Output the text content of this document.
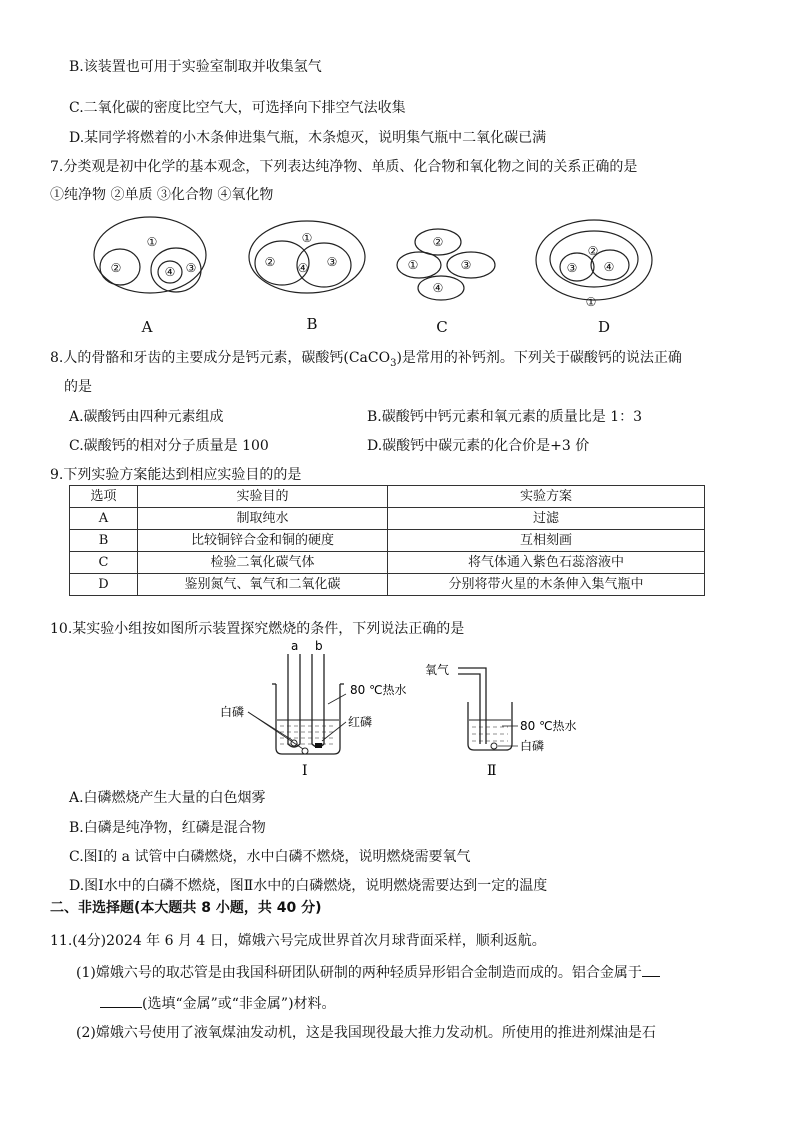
B.该装置也可用于实验室制取并收集氢气
C.二氧化碳的密度比空气大，可选择向下排空气法收集
D.某同学将燃着的小木条伸进集气瓶，木条熄灭，说明集气瓶中二氧化碳已满
7.分类观是初中化学的基本观念，下列表达纯净物、单质、化合物和氧化物之间的关系正确的是
①纯净物 ②单质 ③化合物 ④氧化物
①
②	④ ③
①
② ④ ③
②
①	③
④
②
③ ④
①
A	B	C	D
8.人的骨骼和牙齿的主要成分是钙元素，碳酸钙(CaCO$_3$)是常用的补钙剂。下列关于碳酸钙的说法正确
的是
A.碳酸钙由四种元素组成	B.碳酸钙中钙元素和氧元素的质量比是 1：3
C.碳酸钙的相对分子质量是 100	D.碳酸钙中碳元素的化合价是+3 价
9.下列实验方案能达到相应实验目的的是
选项	实验目的	实验方案
A	制取纯水	过滤
B	比较铜锌合金和铜的硬度	互相刻画
C	检验二氧化碳气体	将气体通入紫色石蕊溶液中
D	鉴别氮气、氧气和二氧化碳	分别将带火星的木条伸入集气瓶中
10.某实验小组按如图所示装置探究燃烧的条件，下列说法正确的是
a b
80 ℃热水
白磷
红磷
Ⅰ
氧气
80 ℃热水
白磷
Ⅱ
A.白磷燃烧产生大量的白色烟雾
B.白磷是纯净物，红磷是混合物
C.图Ⅰ的 a 试管中白磷燃烧，水中白磷不燃烧，说明燃烧需要氧气
D.图Ⅰ水中的白磷不燃烧，图Ⅱ水中的白磷燃烧，说明燃烧需要达到一定的温度
二、非选择题(本大题共 8 小题，共 40 分)
11.(4分)2024 年 6 月 4 日，嫦娥六号完成世界首次月球背面采样，顺利返航。
(1)嫦娥六号的取芯管是由我国科研团队研制的两种轻质异形铝合金制造而成的。铝合金属于
(选填“金属”或“非金属”)材料。
(2)嫦娥六号使用了液氧煤油发动机，这是我国现役最大推力发动机。所使用的推进剂煤油是石
